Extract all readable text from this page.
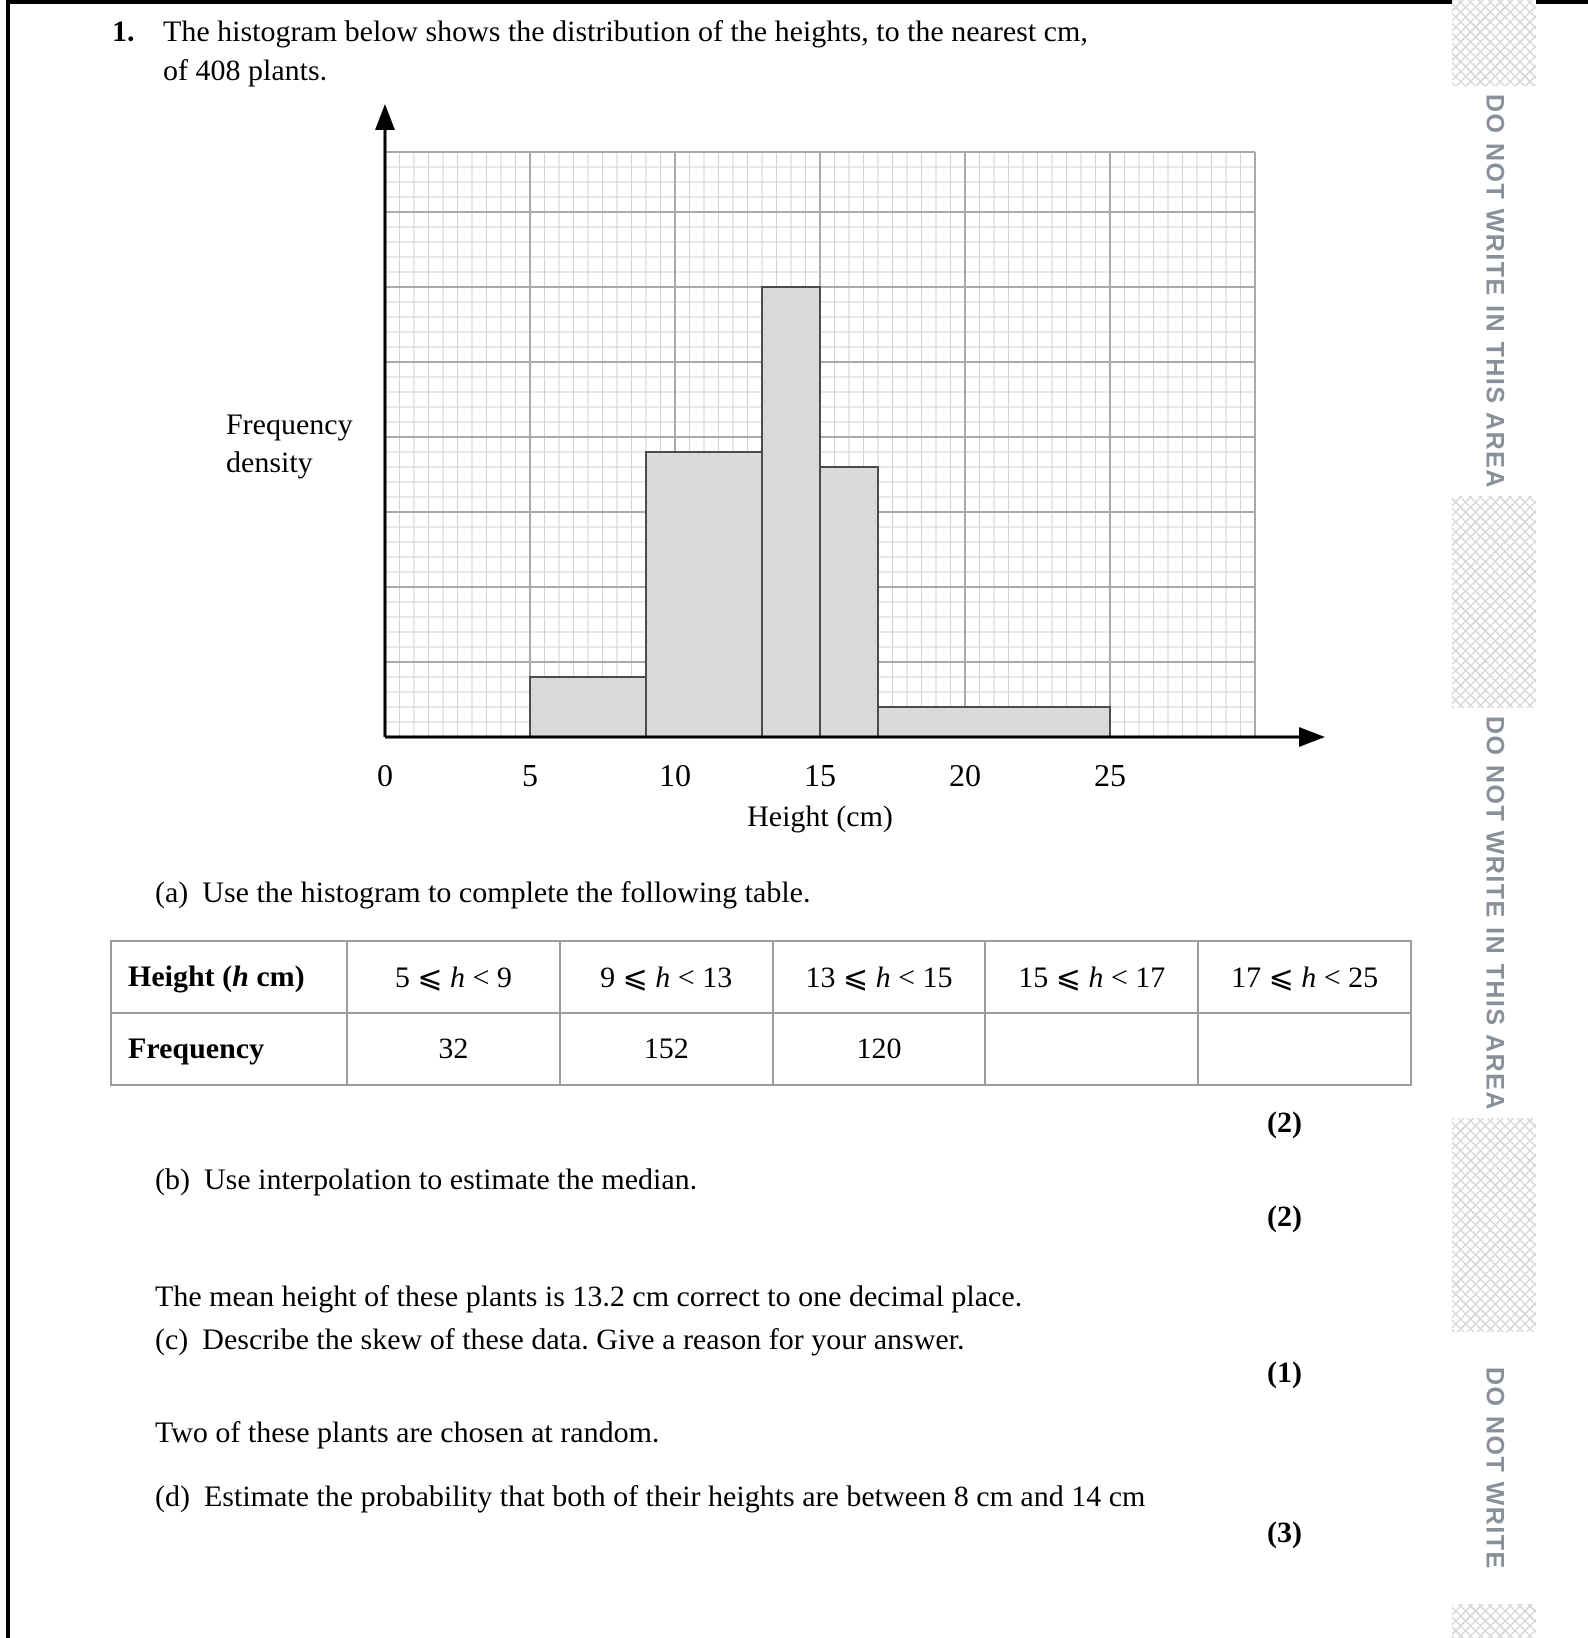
1. The histogram below shows the distribution of the heights, to the nearest cm,
of 408 plants.
0	5	10	15	20	25
Frequency density
Height (cm)
(a) Use the histogram to complete the following table.
Height (h cm)	5 ⩽ h < 9	9 ⩽ h < 13	13 ⩽ h < 15	15 ⩽ h < 17	17 ⩽ h < 25
Frequency	32	152	120		
(2)
(b) Use interpolation to estimate the median.
(2)
The mean height of these plants is 13.2 cm correct to one decimal place.
(c) Describe the skew of these data. Give a reason for your answer.
(1)
Two of these plants are chosen at random.
(d) Estimate the probability that both of their heights are between 8 cm and 14 cm
(3)
DO NOT WRITE IN THIS AREA
DO NOT WRITE IN THIS AREA
DO NOT WRITE
